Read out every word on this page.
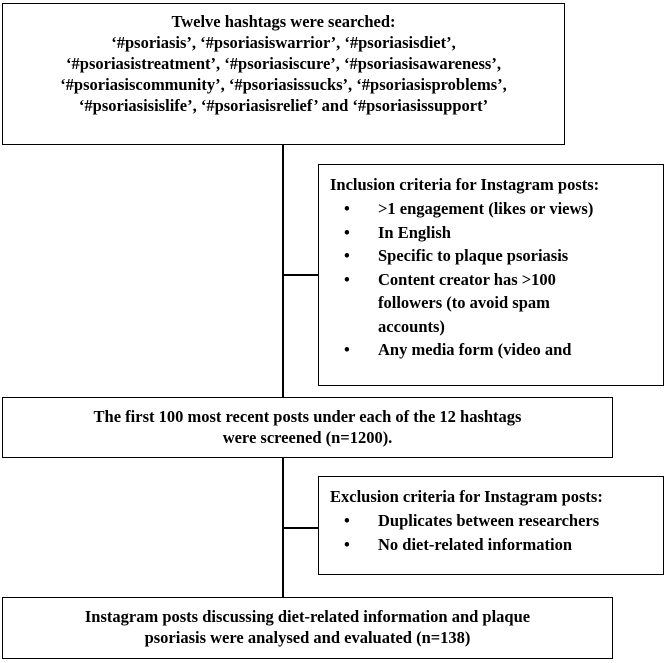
Twelve hashtags were searched:
‘#psoriasis’, ‘#psoriasiswarrior’, ‘#psoriasisdiet’,
‘#psoriasistreatment’, ‘#psoriasiscure’, ‘#psoriasisawareness’,
‘#psoriasiscommunity’, ‘#psoriasissucks’, ‘#psoriasisproblems’,
‘#psoriasisislife’, ‘#psoriasisrelief’ and ‘#psoriasissupport’
Inclusion criteria for Instagram posts:
• >1 engagement (likes or views)
• In English
• Specific to plaque psoriasis
• Content creator has >100
followers (to avoid spam
accounts)
• Any media form (video and
The first 100 most recent posts under each of the 12 hashtags
were screened (n=1200).
Exclusion criteria for Instagram posts:
• Duplicates between researchers
• No diet-related information
Instagram posts discussing diet-related information and plaque
psoriasis were analysed and evaluated (n=138)
